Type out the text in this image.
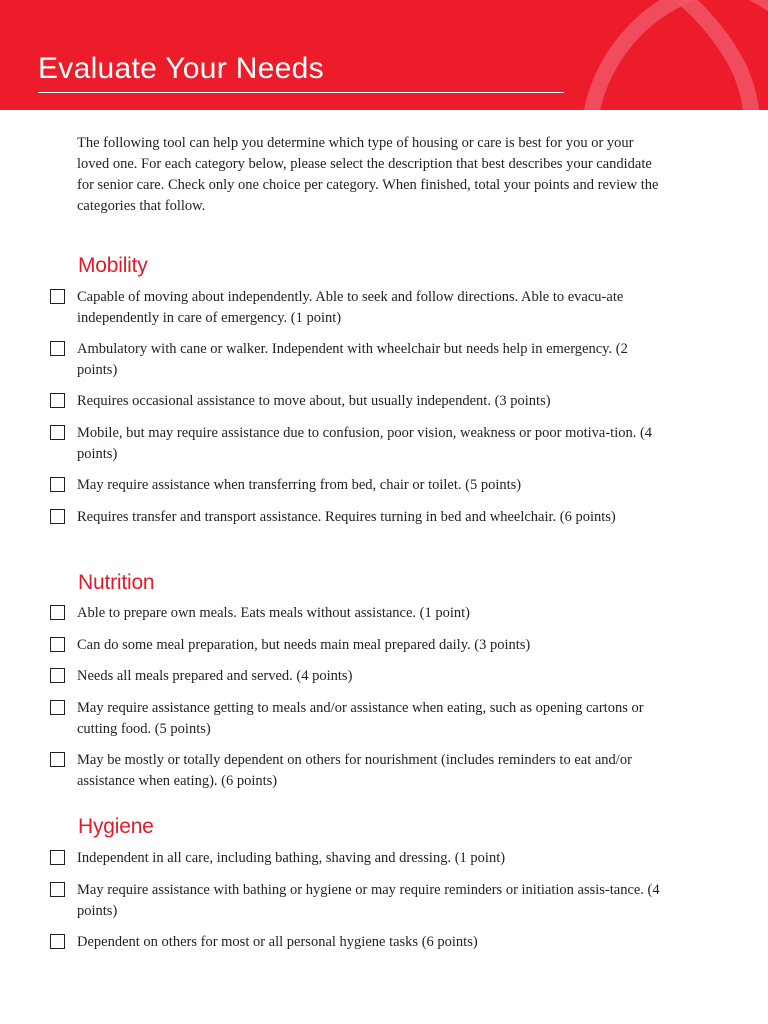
Evaluate Your Needs

The following tool can help you determine which type of housing or care is best for you or your loved one. For each category below, please select the description that best describes your candidate for senior care. Check only one choice per category. When finished, total your points and review the categories that follow.

Mobility
Capable of moving about independently. Able to seek and follow directions. Able to evacu-ate independently in care of emergency. (1 point)
Ambulatory with cane or walker. Independent with wheelchair but needs help in emergency. (2 points)
Requires occasional assistance to move about, but usually independent. (3 points)
Mobile, but may require assistance due to confusion, poor vision, weakness or poor motiva-tion. (4 points)
May require assistance when transferring from bed, chair or toilet. (5 points)
Requires transfer and transport assistance. Requires turning in bed and wheelchair. (6 points)
Nutrition
Able to prepare own meals. Eats meals without assistance. (1 point)
Can do some meal preparation, but needs main meal prepared daily. (3 points)
Needs all meals prepared and served. (4 points)
May require assistance getting to meals and/or assistance when eating, such as opening cartons or cutting food. (5 points)
May be mostly or totally dependent on others for nourishment (includes reminders to eat and/or assistance when eating). (6 points)
Hygiene
Independent in all care, including bathing, shaving and dressing. (1 point)
May require assistance with bathing or hygiene or may require reminders or initiation assis-tance. (4 points)
Dependent on others for most or all personal hygiene tasks (6 points)
